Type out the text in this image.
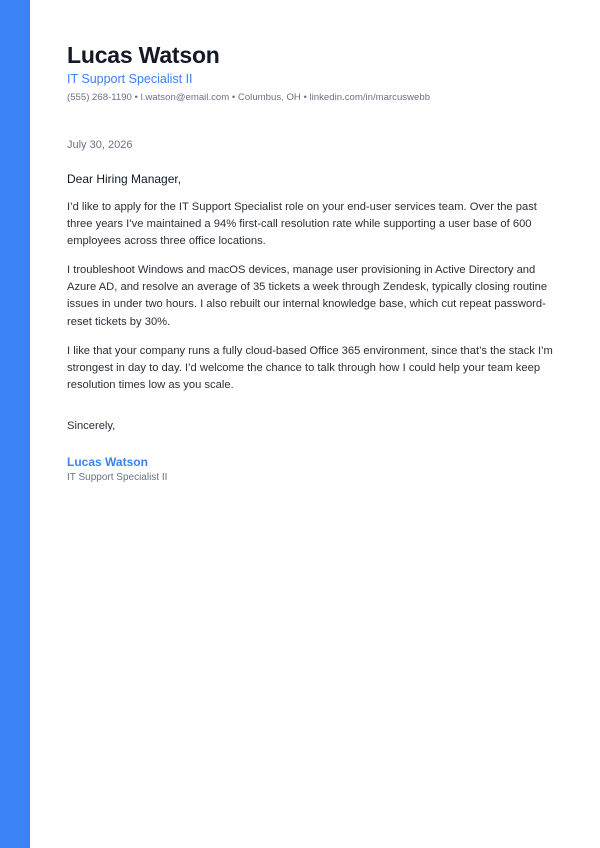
Lucas Watson
IT Support Specialist II
(555) 268-1190 • l.watson@email.com • Columbus, OH • linkedin.com/in/marcuswebb
July 30, 2026
Dear Hiring Manager,

I’d like to apply for the IT Support Specialist role on your end-user services team. Over the past three years I’ve maintained a 94% first-call resolution rate while supporting a user base of 600 employees across three office locations.

I troubleshoot Windows and macOS devices, manage user provisioning in Active Directory and Azure AD, and resolve an average of 35 tickets a week through Zendesk, typically closing routine issues in under two hours. I also rebuilt our internal knowledge base, which cut repeat password-reset tickets by 30%.

I like that your company runs a fully cloud-based Office 365 environment, since that’s the stack I’m strongest in day to day. I’d welcome the chance to talk through how I could help your team keep resolution times low as you scale.

Sincerely,
Lucas Watson
IT Support Specialist II
